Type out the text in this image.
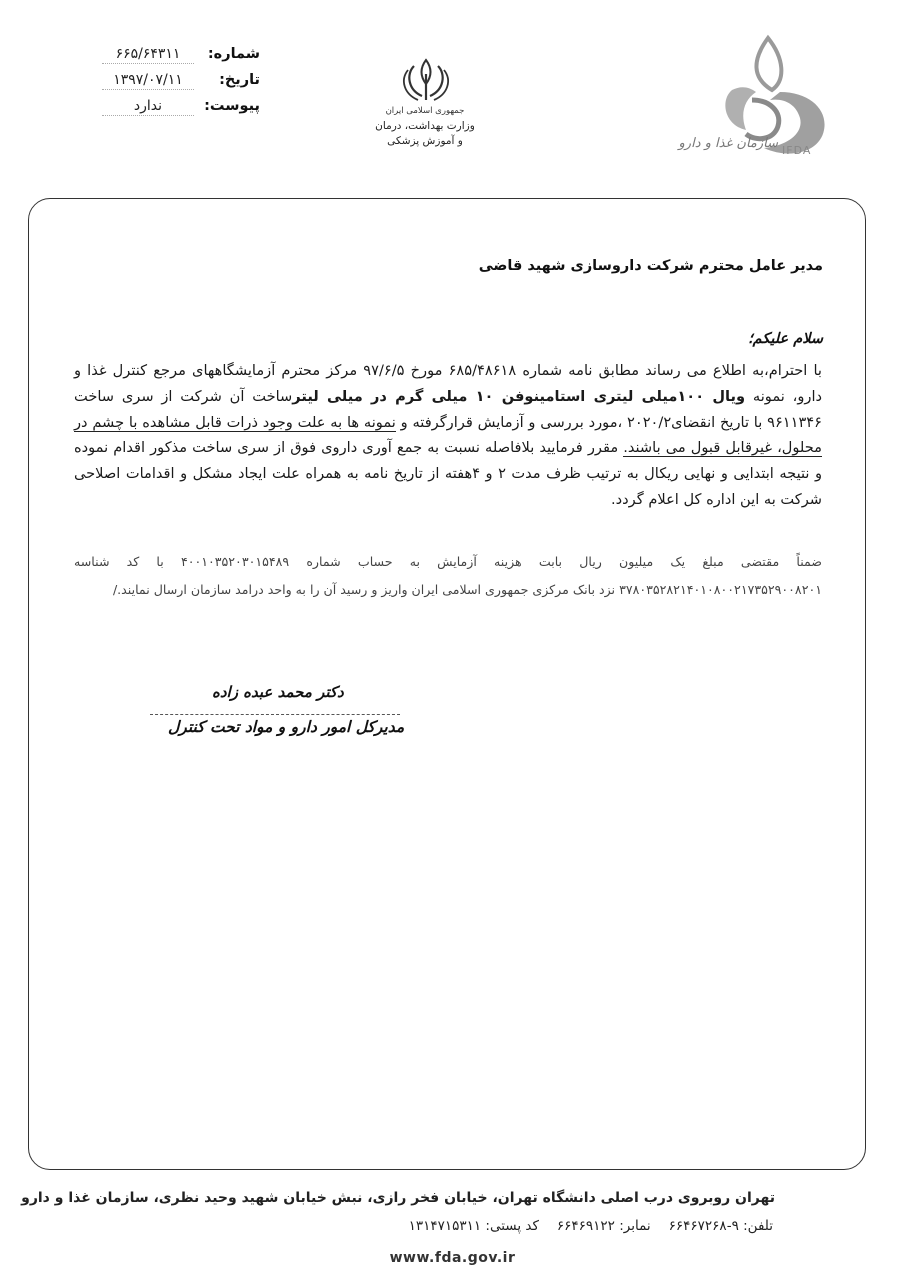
سازمان غذا و دارو IFDA
جمهوری اسلامی ایران
وزارت بهداشت، درمان
و آموزش پزشکی
شماره:
۶۶۵/۶۴۳۱۱
تاریخ:
۱۳۹۷/۰۷/۱۱
پیوست:
ندارد
مدیر عامل محترم شرکت داروسازی شهید قاضی
سلام علیکم؛
با احترام،به اطلاع می رساند مطابق نامه شماره ۶۸۵/۴۸۶۱۸ مورخ ۹۷/۶/۵ مرکز محترم آزمایشگاههای مرجع کنترل غذا و دارو، نمونه ویال ۱۰۰میلی لیتری استامینوفن ۱۰ میلی گرم در میلی لیترساخت آن شرکت از سری ساخت ۹۶۱۱۳۴۶ با تاریخ انقضای۲۰۲۰/۲ ،مورد بررسی و آزمایش قرارگرفته و نمونه ها به علت وجود ذرات قابل مشاهده با چشم در محلول، غیرقابل قبول می باشند. مقرر فرمایید بلافاصله نسبت به جمع آوری داروی فوق از سری ساخت مذکور اقدام نموده و نتیجه ابتدایی و نهایی ریکال به ترتیب ظرف مدت ۲ و ۴هفته از تاریخ نامه به همراه علت ایجاد مشکل و اقدامات اصلاحی شرکت به این اداره کل اعلام گردد.
ضمناً مقتضی مبلغ یک میلیون ریال بابت هزینه آزمایش به حساب شماره ۴۰۰۱۰۳۵۲۰۳۰۱۵۴۸۹ با کد شناسه ۳۷۸۰۳۵۲۸۲۱۴۰۱۰۸۰۰۲۱۷۳۵۲۹۰۰۸۲۰۱ نزد بانک مرکزی جمهوری اسلامی ایران واریز و رسید آن را به واحد درامد سازمان ارسال نمایند./
دکتر محمد عبده زاده
مدیرکل امور دارو و مواد تحت کنترل
تهران روبروی درب اصلی دانشگاه تهران، خیابان فخر رازی، نبش خیابان شهید وحید نظری، سازمان غذا و دارو
تلفن: ۹-۶۶۴۶۷۲۶۸نمابر: ۶۶۴۶۹۱۲۲کد پستی: ۱۳۱۴۷۱۵۳۱۱
www.fda.gov.ir
